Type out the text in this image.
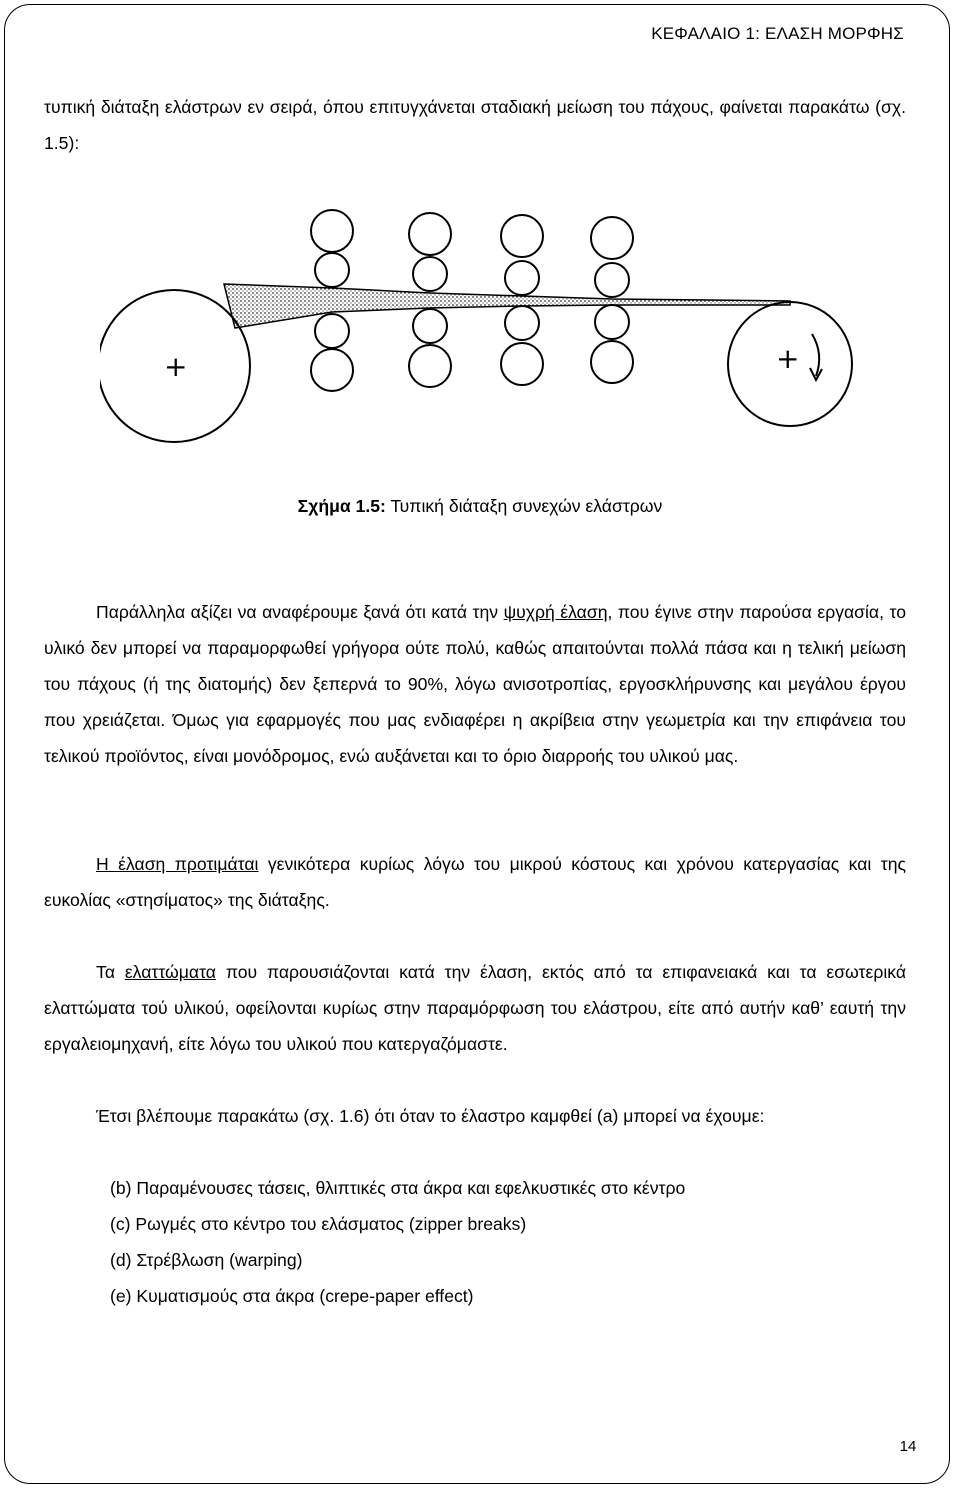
ΚΕΦΑΛΑΙΟ 1: ΕΛΑΣΗ ΜΟΡΦΗΣ

τυπική διάταξη ελάστρων εν σειρά, όπου επιτυγχάνεται σταδιακή μείωση του πάχους, φαίνεται παρακάτω (σχ. 1.5):

+	+
Σχήμα 1.5: Τυπική διάταξη συνεχών ελάστρων

Παράλληλα αξίζει να αναφέρουμε ξανά ότι κατά την ψυχρή έλαση, που έγινε στην παρούσα εργασία, το υλικό δεν μπορεί να παραμορφωθεί γρήγορα ούτε πολύ, καθώς απαιτούνται πολλά πάσα και η τελική μείωση του πάχους (ή της διατομής) δεν ξεπερνά το 90%, λόγω ανισοτροπίας, εργοσκλήρυνσης και μεγάλου έργου που χρειάζεται. Όμως για εφαρμογές που μας ενδιαφέρει η ακρίβεια στην γεωμετρία και την επιφάνεια του τελικού προϊόντος, είναι μονόδρομος, ενώ αυξάνεται και το όριο διαρροής του υλικού μας.

Η έλαση προτιμάται γενικότερα κυρίως λόγω του μικρού κόστους και χρόνου κατεργασίας και της ευκολίας «στησίματος» της διάταξης.

Τα ελαττώματα που παρουσιάζονται κατά την έλαση, εκτός από τα επιφανειακά και τα εσωτερικά ελαττώματα τού υλικού, οφείλονται κυρίως στην παραμόρφωση του ελάστρου, είτε από αυτήν καθ’ εαυτή την εργαλειομηχανή, είτε λόγω του υλικού που κατεργαζόμαστε.

Έτσι βλέπουμε παρακάτω (σχ. 1.6) ότι όταν το έλαστρο καμφθεί (a) μπορεί να έχουμε:

(b) Παραμένουσες τάσεις, θλιπτικές στα άκρα και εφελκυστικές στο κέντρο
(c) Ρωγμές στο κέντρο του ελάσματος (zipper breaks)
(d) Στρέβλωση (warping)
(e) Κυματισμούς στα άκρα (crepe-paper effect)
14
